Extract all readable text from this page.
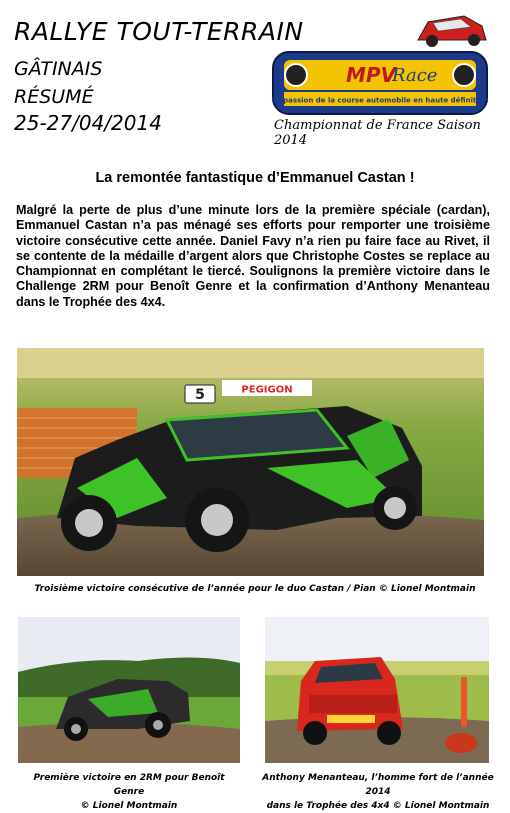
RALLYE TOUT-TERRAIN
GÂTINAIS
RÉSUMÉ
25-27/04/2014
MPV
Race
La passion de la course automobile en haute définition
Championnat de France Saison 2014
La remontée fantastique d’Emmanuel Castan !
Malgré la perte de plus d’une minute lors de la première spéciale (cardan), Emmanuel Castan n’a pas ménagé ses efforts pour remporter une troisième victoire consécutive cette année. Daniel Favy n’a rien pu faire face au Rivet, il se contente de la médaille d’argent alors que Christophe Costes se replace au Championnat en complétant le tiercé. Soulignons la première victoire dans le Challenge 2RM pour Benoît Genre et la confirmation d’Anthony Menanteau dans le Trophée des 4x4.
5	PEGIGON
Troisième victoire consécutive de l’année pour le duo Castan / Pian © Lionel Montmain
Première victoire en 2RM pour Benoît Genre
© Lionel Montmain
Anthony Menanteau, l’homme fort de l’année 2014
dans le Trophée des 4x4 © Lionel Montmain
